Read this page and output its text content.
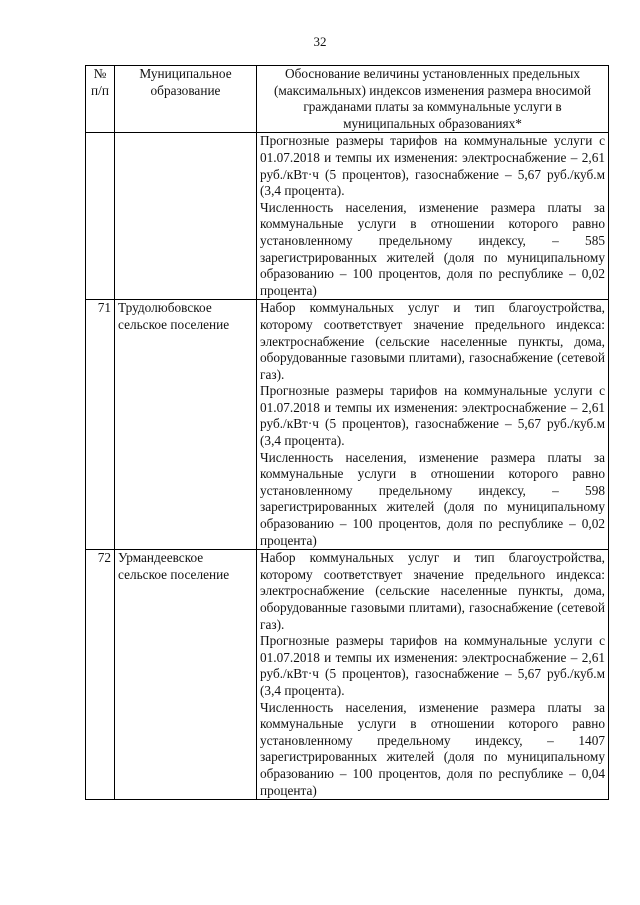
32
№ п/п	Муниципальное образование	Обоснование величины установленных предельных (максимальных) индексов изменения размера вносимой гражданами платы за коммунальные услуги в муниципальных образованиях*

		Прогнозные размеры тарифов на коммунальные услуги с 01.07.2018 и темпы их изменения: электроснабжение – 2,61 руб./кВт·ч (5 процентов), газоснабжение – 5,67 руб./куб.м (3,4 процента).

Численность населения, изменение размера платы за коммунальные услуги в отношении которого равно установленному предельному индексу, – 585 зарегистрированных жителей (доля по муниципальному образованию – 100 процентов, доля по республике – 0,02 процента)

71	Трудолюбовское сельское поселение	Набор коммунальных услуг и тип благоустройства, которому соответствует значение предельного индекса: электроснабжение (сельские населенные пункты, дома, оборудованные газовыми плитами), газоснабжение (сетевой газ).

Прогнозные размеры тарифов на коммунальные услуги с 01.07.2018 и темпы их изменения: электроснабжение – 2,61 руб./кВт·ч (5 процентов), газоснабжение – 5,67 руб./куб.м (3,4 процента).

Численность населения, изменение размера платы за коммунальные услуги в отношении которого равно установленному предельному индексу, – 598 зарегистрированных жителей (доля по муниципальному образованию – 100 процентов, доля по республике – 0,02 процента)

72	Урмандеевское сельское поселение	Набор коммунальных услуг и тип благоустройства, которому соответствует значение предельного индекса: электроснабжение (сельские населенные пункты, дома, оборудованные газовыми плитами), газоснабжение (сетевой газ).

Прогнозные размеры тарифов на коммунальные услуги с 01.07.2018 и темпы их изменения: электроснабжение – 2,61 руб./кВт·ч (5 процентов), газоснабжение – 5,67 руб./куб.м (3,4 процента).

Численность населения, изменение размера платы за коммунальные услуги в отношении которого равно установленному предельному индексу, – 1407 зарегистрированных жителей (доля по муниципальному образованию – 100 процентов, доля по республике – 0,04 процента)
